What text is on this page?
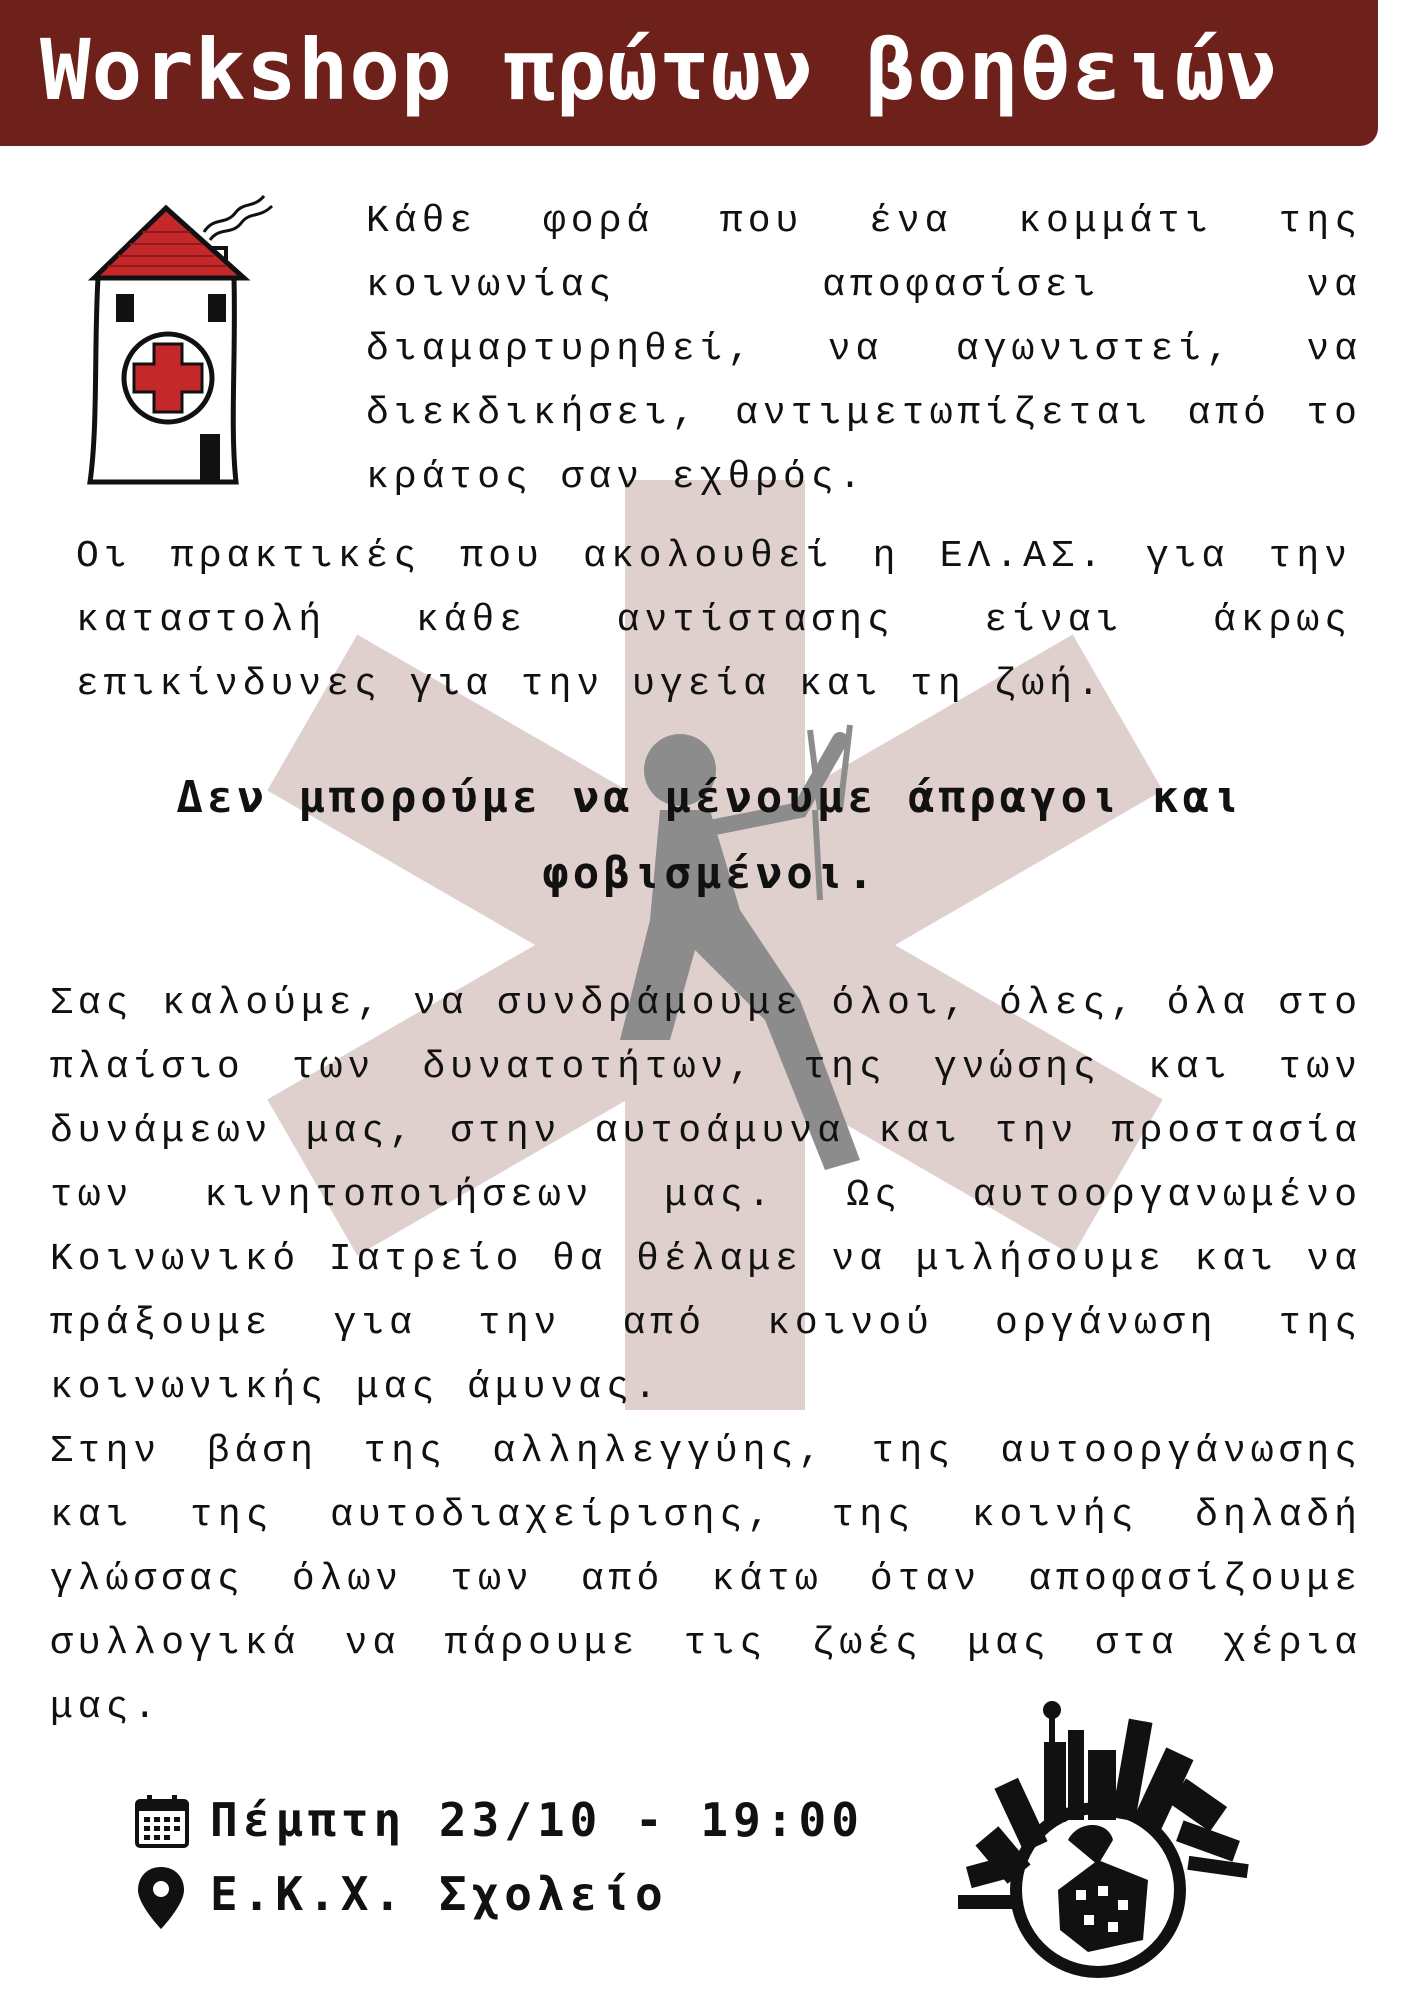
Workshop πρώτων βοηθειών

Κάθε φορά που ένα κομμάτι της κοινωνίας αποφασίσει να διαμαρτυρηθεί, να αγωνιστεί, να διεκδικήσει, αντιμετωπίζεται από το κράτος σαν εχθρός.

Οι πρακτικές που ακολουθεί η ΕΛ.ΑΣ. για την καταστολή κάθε αντίστασης είναι άκρως επικίνδυνες για την υγεία και τη ζωή.

Δεν μπορούμε να μένουμε άπραγοι και φοβισμένοι.

Σας καλούμε, να συνδράμουμε όλοι, όλες, όλα στο πλαίσιο των δυνατοτήτων, της γνώσης και των δυνάμεων μας, στην αυτοάμυνα και την προστασία των κινητοποιήσεων μας. Ως αυτοοργανωμένο Κοινωνικό Ιατρείο θα θέλαμε να μιλήσουμε και να πράξουμε για την από κοινού οργάνωση της κοινωνικής μας άμυνας.

Στην βάση της αλληλεγγύης, της αυτοοργάνωσης και της αυτοδιαχείρισης, της κοινής δηλαδή γλώσσας όλων των από κάτω όταν αποφασίζουμε συλλογικά να πάρουμε τις ζωές μας στα χέρια μας.

Πέμπτη 23/10 - 19:00
Ε.Κ.Χ. Σχολείο
